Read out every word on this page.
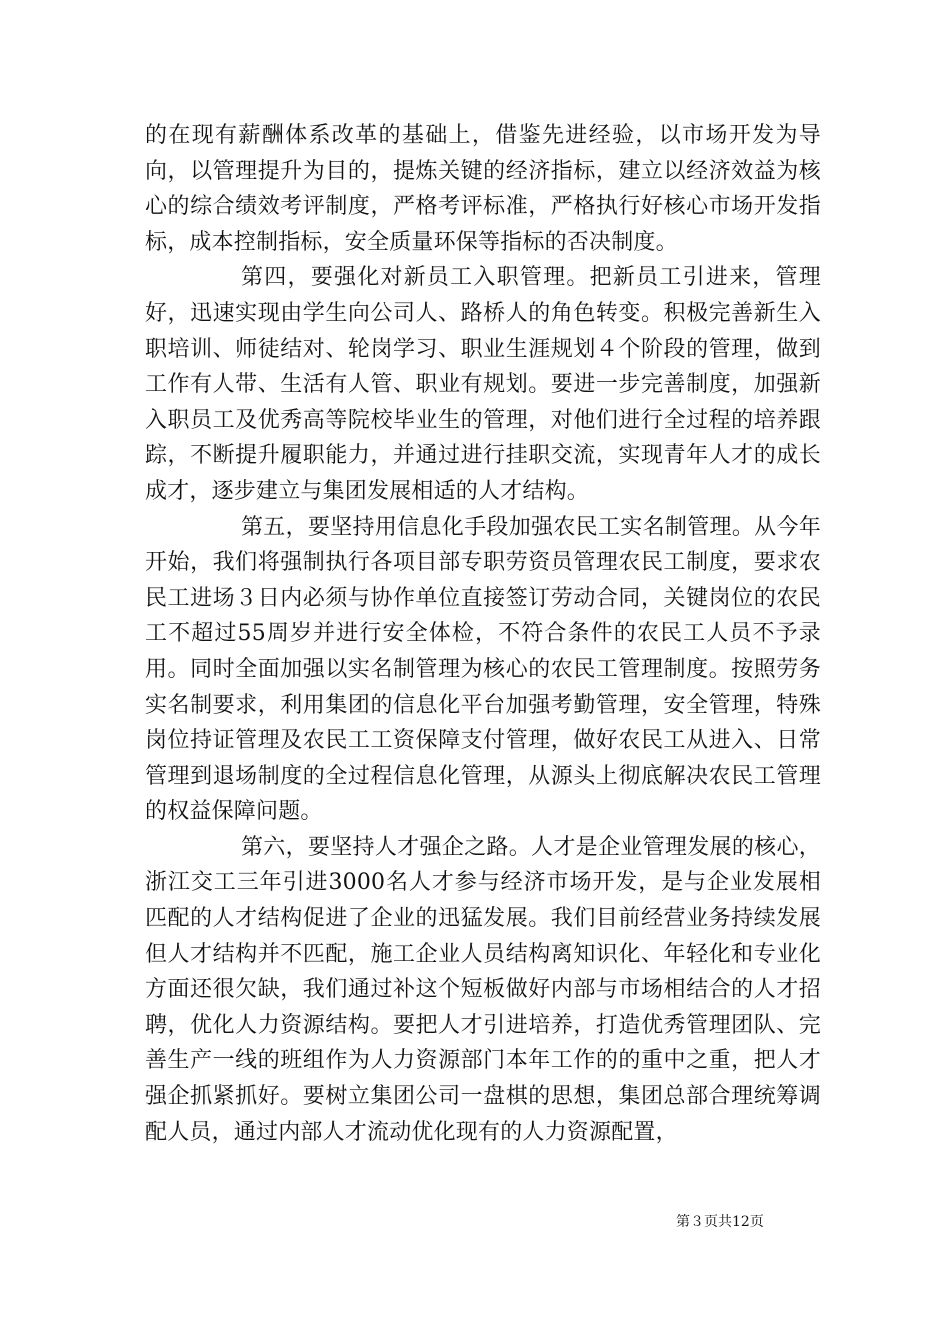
的在现有薪酬体系改革的基础上，借鉴先进经验，以市场开发为导向，以管理提升为目的，提炼关键的经济指标，建立以经济效益为核心的综合绩效考评制度，严格考评标准，严格执行好核心市场开发指标，成本控制指标，安全质量环保等指标的否决制度。

第四，要强化对新员工入职管理。把新员工引进来，管理好，迅速实现由学生向公司人、路桥人的角色转变。积极完善新生入职培训、师徒结对、轮岗学习、职业生涯规划４个阶段的管理，做到工作有人带、生活有人管、职业有规划。要进一步完善制度，加强新入职员工及优秀高等院校毕业生的管理，对他们进行全过程的培养跟踪，不断提升履职能力，并通过进行挂职交流，实现青年人才的成长成才，逐步建立与集团发展相适的人才结构。

第五，要坚持用信息化手段加强农民工实名制管理。从今年开始，我们将强制执行各项目部专职劳资员管理农民工制度，要求农民工进场３日内必须与协作单位直接签订劳动合同，关键岗位的农民工不超过55周岁并进行安全体检，不符合条件的农民工人员不予录用。同时全面加强以实名制管理为核心的农民工管理制度。按照劳务实名制要求，利用集团的信息化平台加强考勤管理，安全管理，特殊岗位持证管理及农民工工资保障支付管理，做好农民工从进入、日常管理到退场制度的全过程信息化管理，从源头上彻底解决农民工管理的权益保障问题。

第六，要坚持人才强企之路。人才是企业管理发展的核心，浙江交工三年引进3000名人才参与经济市场开发，是与企业发展相匹配的人才结构促进了企业的迅猛发展。我们目前经营业务持续发展但人才结构并不匹配，施工企业人员结构离知识化、年轻化和专业化方面还很欠缺，我们通过补这个短板做好内部与市场相结合的人才招聘，优化人力资源结构。要把人才引进培养，打造优秀管理团队、完善生产一线的班组作为人力资源部门本年工作的的重中之重，把人才强企抓紧抓好。要树立集团公司一盘棋的思想，集团总部合理统筹调配人员，通过内部人才流动优化现有的人力资源配置，

第３页共12页
